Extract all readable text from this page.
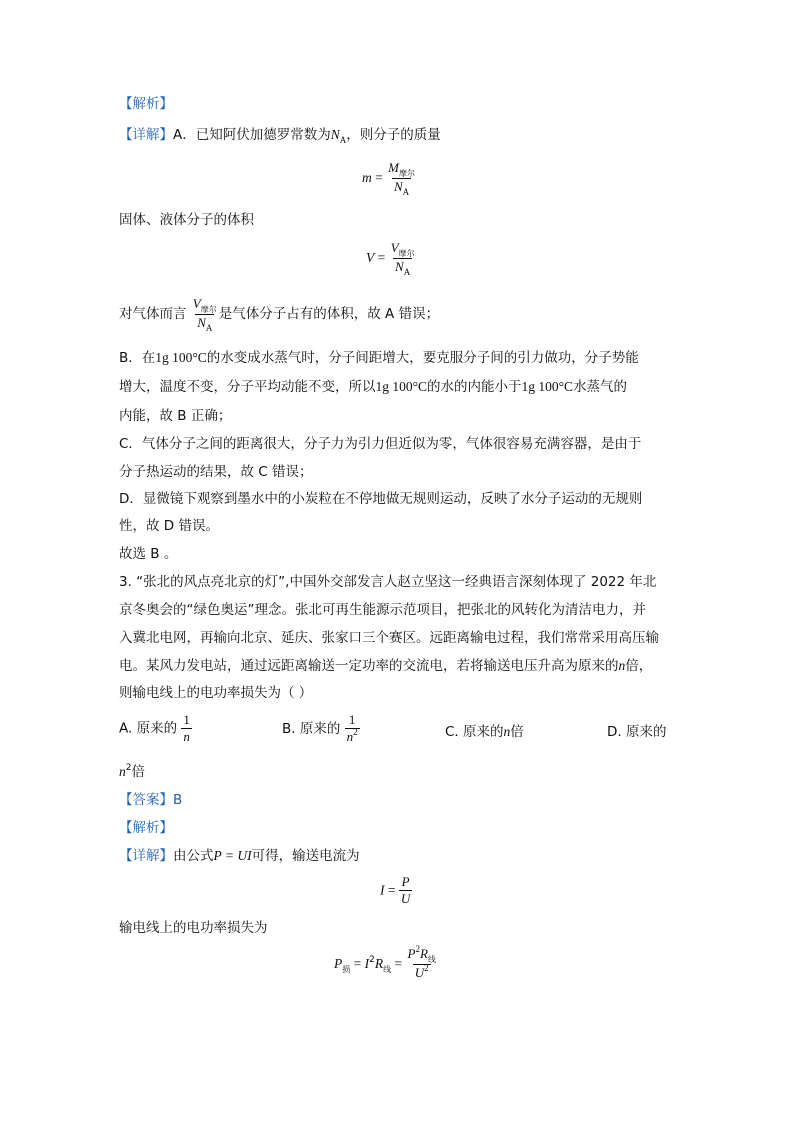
【解析】
【详解】A．已知阿伏加德罗常数为$N_A$，则分子的质量
$m = \frac{M_{摩尔}}{N_A}$
固体、液体分子的体积
$V = \frac{V_{摩尔}}{N_A}$
对气体而言 $\frac{V_{摩尔}}{N_A}$ 是气体分子占有的体积，故 A 错误；
B．在1g 100°C的水变成水蒸气时，分子间距增大，要克服分子间的引力做功，分子势能
增大，温度不变，分子平均动能不变，所以1g 100°C的水的内能小于1g 100°C水蒸气的
内能，故 B 正确；
C．气体分子之间的距离很大，分子力为引力但近似为零，气体很容易充满容器，是由于
分子热运动的结果，故 C 错误；
D．显微镜下观察到墨水中的小炭粒在不停地做无规则运动，反映了水分子运动的无规则
性，故 D 错误。
故选 B 。
3. “张北的风点亮北京的灯”,中国外交部发言人赵立坚这一经典语言深刻体现了 2022 年北
京冬奥会的“绿色奥运”理念。张北可再生能源示范项目，把张北的风转化为清洁电力，并
入冀北电网，再输向北京、延庆、张家口三个赛区。远距离输电过程，我们常常采用高压输
电。某风力发电站，通过远距离输送一定功率的交流电，若将输送电压升高为原来的n倍，
则输电线上的电功率损失为（ ）
A. 原来的 $\frac{1}{n}$	B. 原来的 $\frac{1}{n^2}$	C. 原来的n倍	D. 原来的
$n^2$倍
【答案】B
【解析】
【详解】由公式P = UI可得，输送电流为
$I = \frac{P}{U}$
输电线上的电功率损失为
$P_损 = I^2R_线 = \frac{P^2R_线}{U^2}$
